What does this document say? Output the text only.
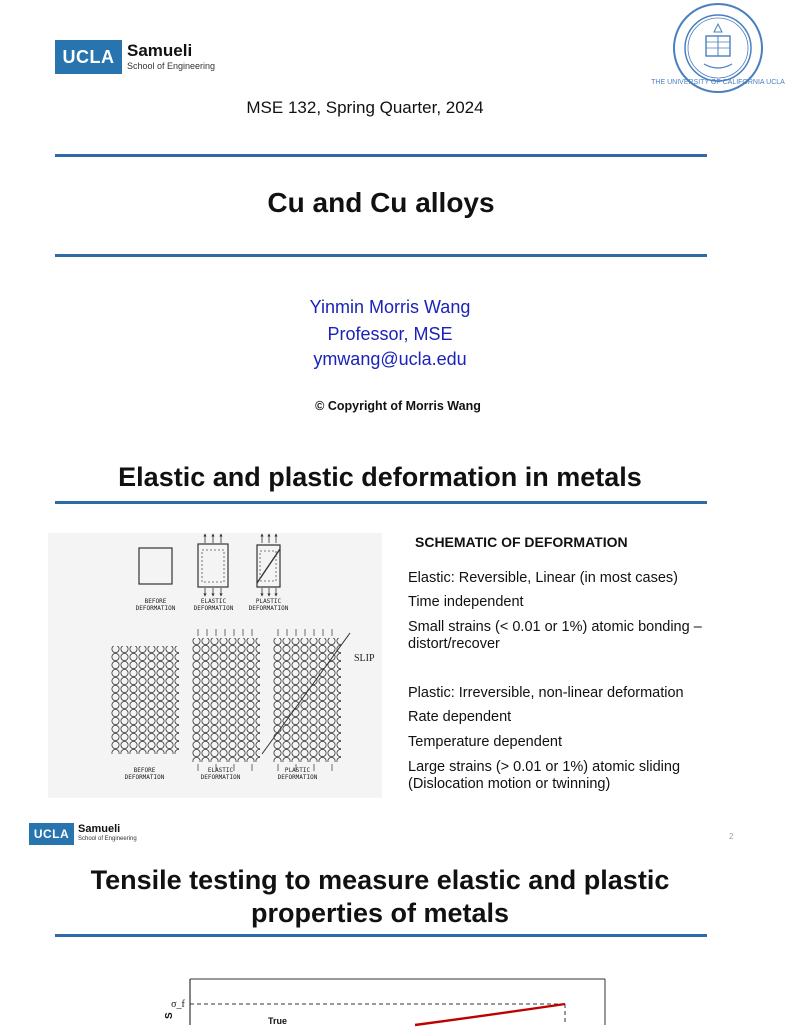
UCLA Samueli
School of Engineering
THE UNIVERSITY OF CALIFORNIA UCLA
MSE 132, Spring Quarter, 2024
Cu and Cu alloys
Yinmin Morris Wang
Professor, MSE
ymwang@ucla.edu
© Copyright of Morris Wang
Elastic and plastic deformation in metals
BEFORE
DEFORMATION
ELASTIC
DEFORMATION
PLASTIC
DEFORMATION
SLIP
BEFORE
DEFORMATION
ELASTIC
DEFORMATION
PLASTIC
DEFORMATION
SCHEMATIC OF DEFORMATION
Elastic: Reversible, Linear (in most cases)
Time independent
Small strains (< 0.01 or 1%) atomic bonding – distort/recover
Plastic: Irreversible, non-linear deformation
Rate dependent
Temperature dependent
Large strains (> 0.01 or 1%) atomic sliding (Dislocation motion or twinning)
2
UCLA Samueli
School of Engineering
Tensile testing to measure elastic and plastic properties of metals
σ_f
True
S
